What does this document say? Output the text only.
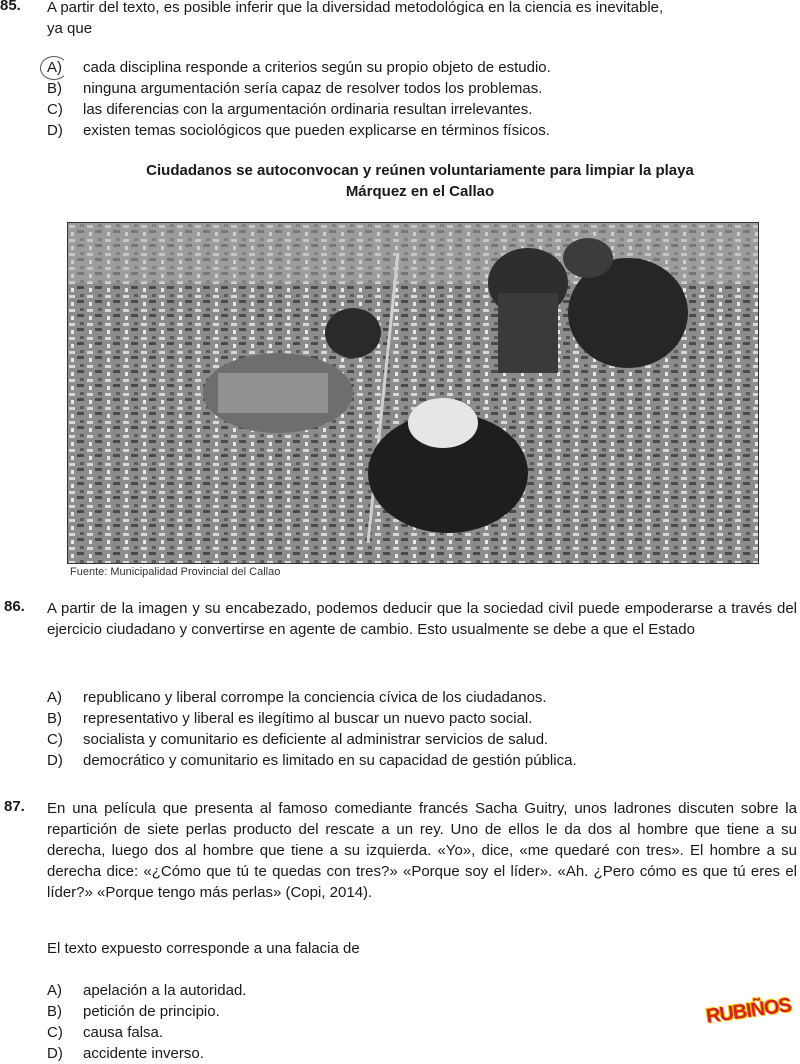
85. A partir del texto, es posible inferir que la diversidad metodológica en la ciencia es inevitable,
ya que
A) cada disciplina responde a criterios según su propio objeto de estudio.
B) ninguna argumentación sería capaz de resolver todos los problemas.
C) las diferencias con la argumentación ordinaria resultan irrelevantes.
D) existen temas sociológicos que pueden explicarse en términos físicos.
Ciudadanos se autoconvocan y reúnen voluntariamente para limpiar la playa
Márquez en el Callao
Fuente: Municipalidad Provincial del Callao
86. A partir de la imagen y su encabezado, podemos deducir que la sociedad civil puede empoderarse a través del ejercicio ciudadano y convertirse en agente de cambio. Esto usualmente se debe a que el Estado
A) republicano y liberal corrompe la conciencia cívica de los ciudadanos.
B) representativo y liberal es ilegítimo al buscar un nuevo pacto social.
C) socialista y comunitario es deficiente al administrar servicios de salud.
D) democrático y comunitario es limitado en su capacidad de gestión pública.
87. En una película que presenta al famoso comediante francés Sacha Guitry, unos ladrones discuten sobre la repartición de siete perlas producto del rescate a un rey. Uno de ellos le da dos al hombre que tiene a su derecha, luego dos al hombre que tiene a su izquierda. «Yo», dice, «me quedaré con tres». El hombre a su derecha dice: «¿Cómo que tú te quedas con tres?» «Porque soy el líder». «Ah. ¿Pero cómo es que tú eres el líder?» «Porque tengo más perlas» (Copi, 2014).
El texto expuesto corresponde a una falacia de
A) apelación a la autoridad.
B) petición de principio.
C) causa falsa.
D) accidente inverso.
RUBIÑOS
